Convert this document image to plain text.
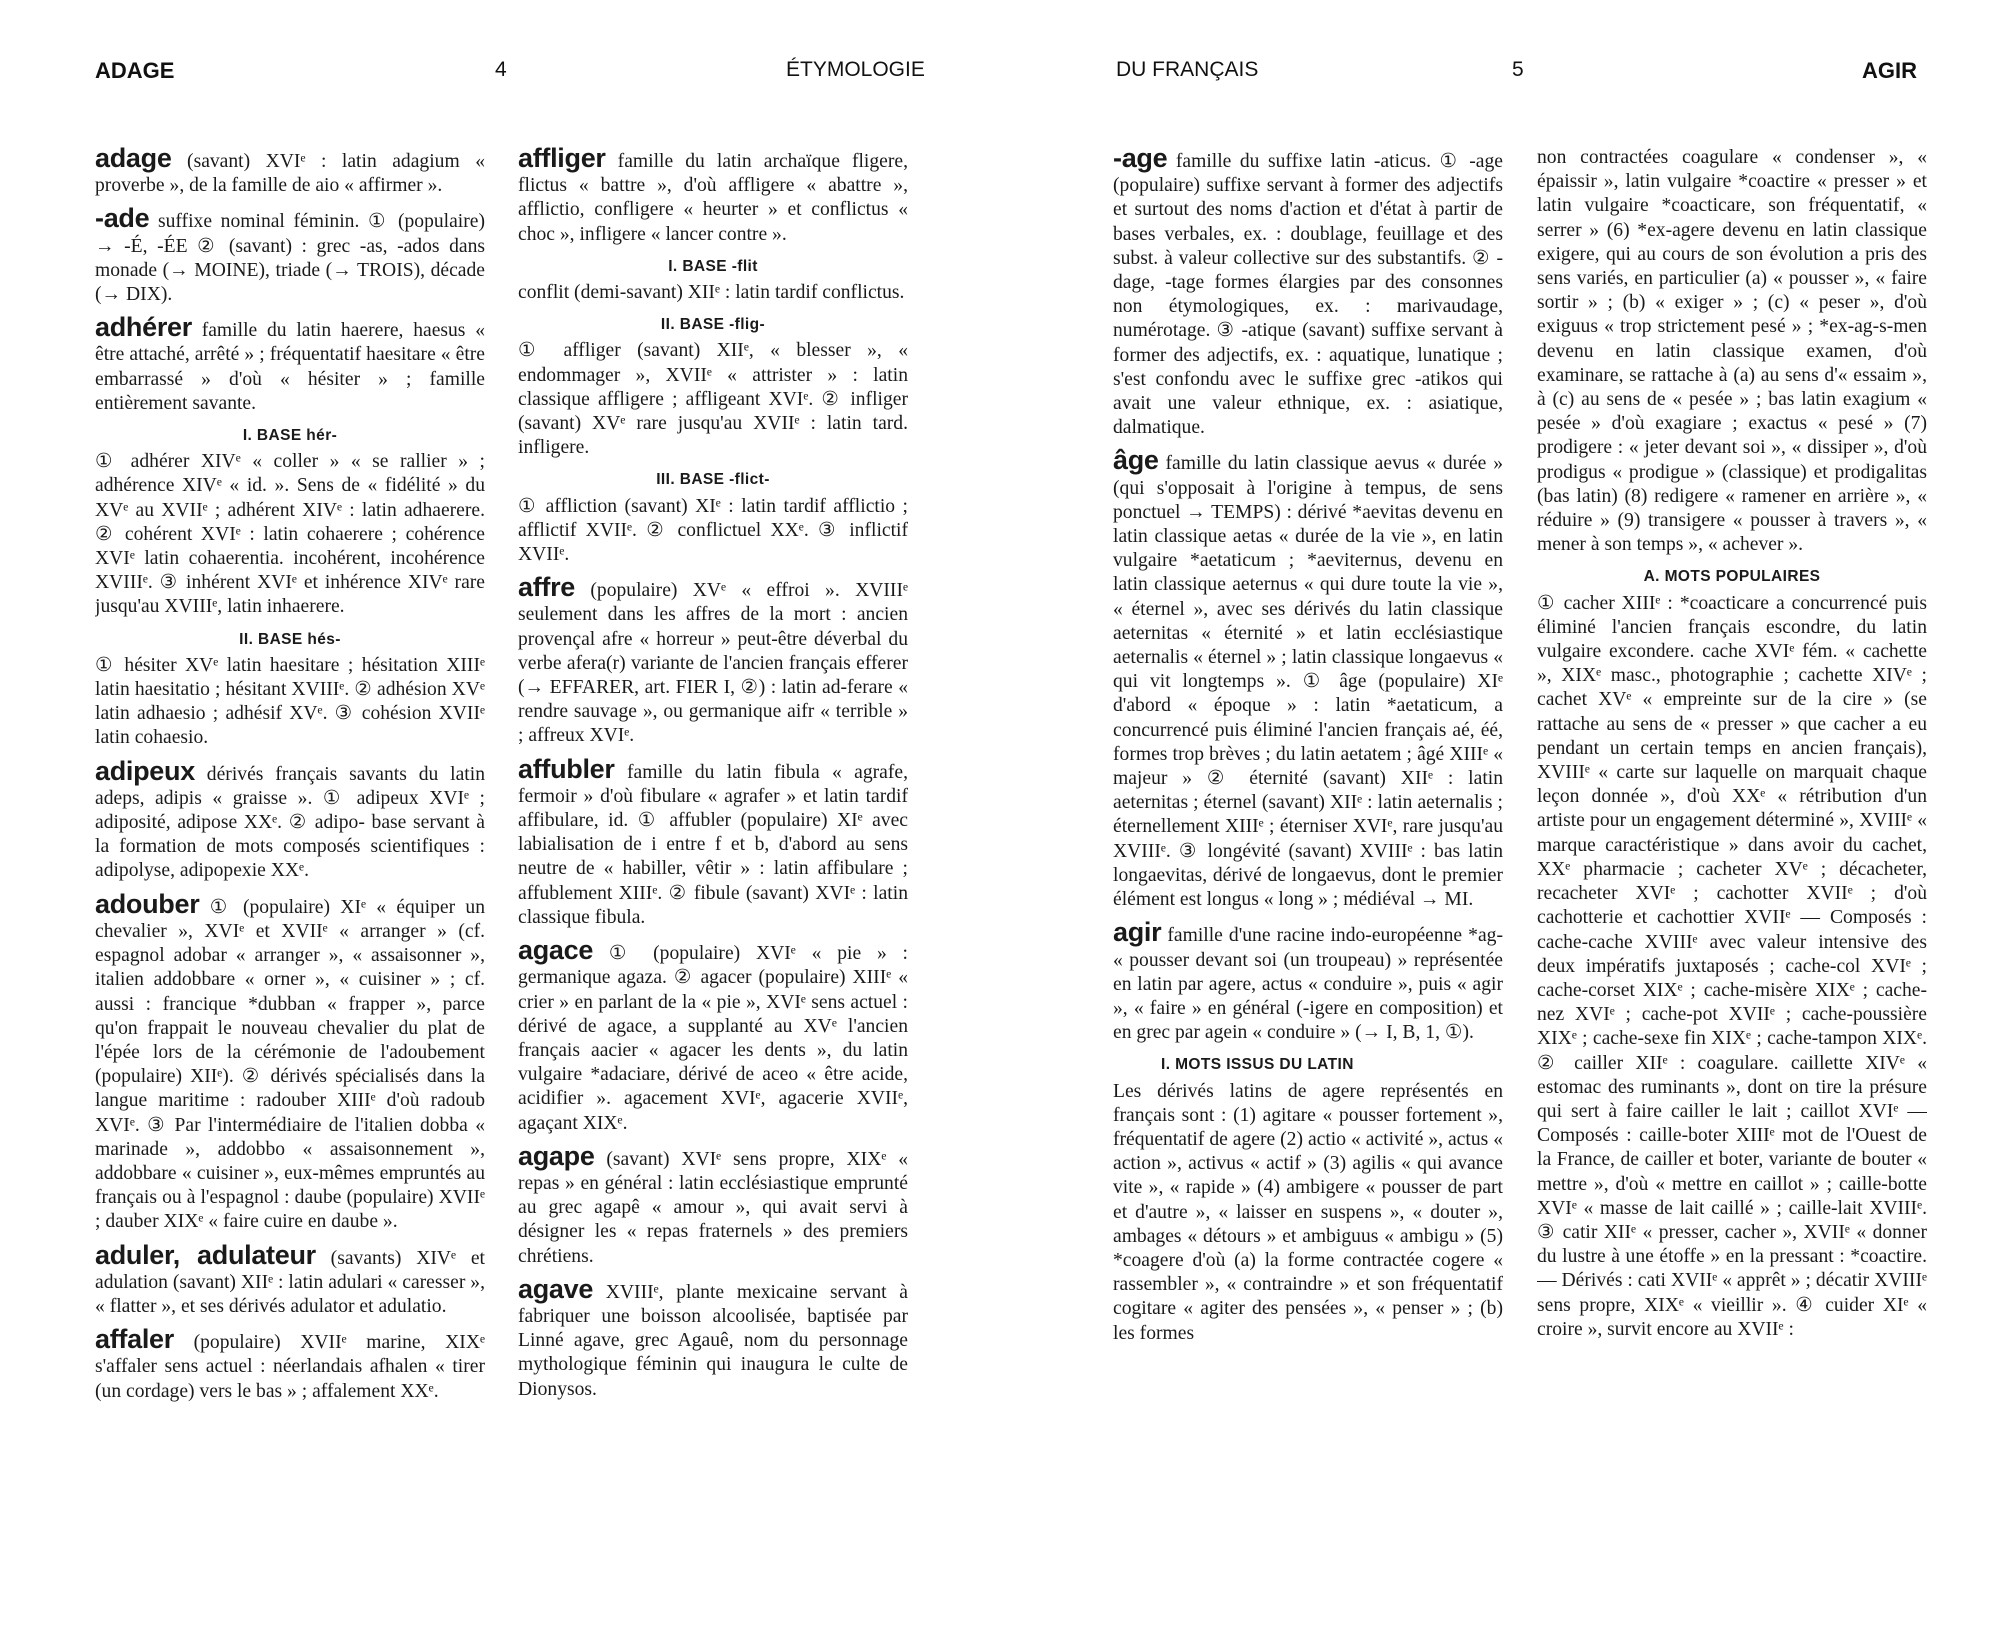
ADAGE	4	ÉTYMOLOGIE	DU FRANÇAIS	5	AGIR

adage (savant) XVIᵉ : latin adagium « proverbe », de la famille de aio « affirmer ».

-ade suffixe nominal féminin. ① (populaire) → -É, -ÉE ② (savant) : grec -as, -ados dans monade (→ MOINE), triade (→ TROIS), décade (→ DIX).

adhérer famille du latin haerere, haesus « être attaché, arrêté » ; fréquentatif haesitare « être embarrassé » d'où « hésiter » ; famille entièrement savante.

I. BASE hér-

① adhérer XIVᵉ « coller » « se rallier » ; adhérence XIVᵉ « id. ». Sens de « fidélité » du XVᵉ au XVIIᵉ ; adhérent XIVᵉ : latin adhaerere. ② cohérent XVIᵉ : latin cohaerere ; cohérence XVIᵉ latin cohaerentia. incohérent, incohérence XVIIIᵉ. ③ inhérent XVIᵉ et inhérence XIVᵉ rare jusqu'au XVIIIᵉ, latin inhaerere.

II. BASE hés-

① hésiter XVᵉ latin haesitare ; hésitation XIIIᵉ latin haesitatio ; hésitant XVIIIᵉ. ② adhésion XVᵉ latin adhaesio ; adhésif XVᵉ. ③ cohésion XVIIᵉ latin cohaesio.

adipeux dérivés français savants du latin adeps, adipis « graisse ». ① adipeux XVIᵉ ; adiposité, adipose XXᵉ. ② adipo- base servant à la formation de mots composés scientifiques : adipolyse, adipopexie XXᵉ.

adouber ① (populaire) XIᵉ « équiper un chevalier », XVIᵉ et XVIIᵉ « arranger » (cf. espagnol adobar « arranger », « assaisonner », italien addobbare « orner », « cuisiner » ; cf. aussi : francique *dubban « frapper », parce qu'on frappait le nouveau chevalier du plat de l'épée lors de la cérémonie de l'adoubement (populaire) XIIᵉ). ② dérivés spécialisés dans la langue maritime : radouber XIIIᵉ d'où radoub XVIᵉ. ③ Par l'intermédiaire de l'italien dobba « marinade », addobbo « assaisonnement », addobbare « cuisiner », eux-mêmes empruntés au français ou à l'espagnol : daube (populaire) XVIIᵉ ; dauber XIXᵉ « faire cuire en daube ».

aduler, adulateur (savants) XIVᵉ et adulation (savant) XIIᵉ : latin adulari « caresser », « flatter », et ses dérivés adulator et adulatio.

affaler (populaire) XVIIᵉ marine, XIXᵉ s'affaler sens actuel : néerlandais afhalen « tirer (un cordage) vers le bas » ; affalement XXᵉ.

affliger famille du latin archaïque fligere, flictus « battre », d'où affligere « abattre », afflictio, confligere « heurter » et conflictus « choc », infligere « lancer contre ».

I. BASE -flit

conflit (demi-savant) XIIᵉ : latin tardif conflictus.

II. BASE -flig-

① affliger (savant) XIIᵉ, « blesser », « endommager », XVIIᵉ « attrister » : latin classique affligere ; affligeant XVIᵉ. ② infliger (savant) XVᵉ rare jusqu'au XVIIᵉ : latin tard. infligere.

III. BASE -flict-

① affliction (savant) XIᵉ : latin tardif afflictio ; afflictif XVIIᵉ. ② conflictuel XXᵉ. ③ inflictif XVIIᵉ.

affre (populaire) XVᵉ « effroi ». XVIIIᵉ seulement dans les affres de la mort : ancien provençal afre « horreur » peut-être déverbal du verbe afera(r) variante de l'ancien français efferer (→ EFFARER, art. FIER I, ②) : latin ad-ferare « rendre sauvage », ou germanique aifr « terrible » ; affreux XVIᵉ.

affubler famille du latin fibula « agrafe, fermoir » d'où fibulare « agrafer » et latin tardif affibulare, id. ① affubler (populaire) XIᵉ avec labialisation de i entre f et b, d'abord au sens neutre de « habiller, vêtir » : latin affibulare ; affublement XIIIᵉ. ② fibule (savant) XVIᵉ : latin classique fibula.

agace ① (populaire) XVIᵉ « pie » : germanique agaza. ② agacer (populaire) XIIIᵉ « crier » en parlant de la « pie », XVIᵉ sens actuel : dérivé de agace, a supplanté au XVᵉ l'ancien français aacier « agacer les dents », du latin vulgaire *adaciare, dérivé de aceo « être acide, acidifier ». agacement XVIᵉ, agacerie XVIIᵉ, agaçant XIXᵉ.

agape (savant) XVIᵉ sens propre, XIXᵉ « repas » en général : latin ecclésiastique emprunté au grec agapê « amour », qui avait servi à désigner les « repas fraternels » des premiers chrétiens.

agave XVIIIᵉ, plante mexicaine servant à fabriquer une boisson alcoolisée, baptisée par Linné agave, grec Agauê, nom du personnage mythologique féminin qui inaugura le culte de Dionysos.

-age famille du suffixe latin -aticus. ① -age (populaire) suffixe servant à former des adjectifs et surtout des noms d'action et d'état à partir de bases verbales, ex. : doublage, feuillage et des subst. à valeur collective sur des substantifs. ② -dage, -tage formes élargies par des consonnes non étymologiques, ex. : marivaudage, numérotage. ③ -atique (savant) suffixe servant à former des adjectifs, ex. : aquatique, lunatique ; s'est confondu avec le suffixe grec -atikos qui avait une valeur ethnique, ex. : asiatique, dalmatique.

âge famille du latin classique aevus « durée » (qui s'opposait à l'origine à tempus, de sens ponctuel → TEMPS) : dérivé *aevitas devenu en latin classique aetas « durée de la vie », en latin vulgaire *aetaticum ; *aeviternus, devenu en latin classique aeternus « qui dure toute la vie », « éternel », avec ses dérivés du latin classique aeternitas « éternité » et latin ecclésiastique aeternalis « éternel » ; latin classique longaevus « qui vit longtemps ». ① âge (populaire) XIᵉ d'abord « époque » : latin *aetaticum, a concurrencé puis éliminé l'ancien français aé, éé, formes trop brèves ; du latin aetatem ; âgé XIIIᵉ « majeur » ② éternité (savant) XIIᵉ : latin aeternitas ; éternel (savant) XIIᵉ : latin aeternalis ; éternellement XIIIᵉ ; éterniser XVIᵉ, rare jusqu'au XVIIIᵉ. ③ longévité (savant) XVIIIᵉ : bas latin longaevitas, dérivé de longaevus, dont le premier élément est longus « long » ; médiéval → MI.

agir famille d'une racine indo-européenne *ag- « pousser devant soi (un troupeau) » représentée en latin par agere, actus « conduire », puis « agir », « faire » en général (-igere en composition) et en grec par agein « conduire » (→ I, B, 1, ①).

I. MOTS ISSUS DU LATIN

Les dérivés latins de agere représentés en français sont : (1) agitare « pousser fortement », fréquentatif de agere (2) actio « activité », actus « action », activus « actif » (3) agilis « qui avance vite », « rapide » (4) ambigere « pousser de part et d'autre », « laisser en suspens », « douter », ambages « détours » et ambiguus « ambigu » (5) *coagere d'où (a) la forme contractée cogere « rassembler », « contraindre » et son fréquentatif cogitare « agiter des pensées », « penser » ; (b) les formes

non contractées coagulare « condenser », « épaissir », latin vulgaire *coactire « presser » et latin vulgaire *coacticare, son fréquentatif, « serrer » (6) *ex-agere devenu en latin classique exigere, qui au cours de son évolution a pris des sens variés, en particulier (a) « pousser », « faire sortir » ; (b) « exiger » ; (c) « peser », d'où exiguus « trop strictement pesé » ; *ex-ag-s-men devenu en latin classique examen, d'où examinare, se rattache à (a) au sens d'« essaim », à (c) au sens de « pesée » ; bas latin exagium « pesée » d'où exagiare ; exactus « pesé » (7) prodigere : « jeter devant soi », « dissiper », d'où prodigus « prodigue » (classique) et prodigalitas (bas latin) (8) redigere « ramener en arrière », « réduire » (9) transigere « pousser à travers », « mener à son temps », « achever ».

A. MOTS POPULAIRES

① cacher XIIIᵉ : *coacticare a concurrencé puis éliminé l'ancien français escondre, du latin vulgaire excondere. cache XVIᵉ fém. « cachette », XIXᵉ masc., photographie ; cachette XIVᵉ ; cachet XVᵉ « empreinte sur de la cire » (se rattache au sens de « presser » que cacher a eu pendant un certain temps en ancien français), XVIIIᵉ « carte sur laquelle on marquait chaque leçon donnée », d'où XXᵉ « rétribution d'un artiste pour un engagement déterminé », XVIIIᵉ « marque caractéristique » dans avoir du cachet, XXᵉ pharmacie ; cacheter XVᵉ ; décacheter, recacheter XVIᵉ ; cachotter XVIIᵉ ; d'où cachotterie et cachottier XVIIᵉ — Composés : cache-cache XVIIIᵉ avec valeur intensive des deux impératifs juxtaposés ; cache-col XVIᵉ ; cache-corset XIXᵉ ; cache-misère XIXᵉ ; cache-nez XVIᵉ ; cache-pot XVIIᵉ ; cache-poussière XIXᵉ ; cache-sexe fin XIXᵉ ; cache-tampon XIXᵉ. ② cailler XIIᵉ : coagulare. caillette XIVᵉ « estomac des ruminants », dont on tire la présure qui sert à faire cailler le lait ; caillot XVIᵉ — Composés : caille-boter XIIIᵉ mot de l'Ouest de la France, de cailler et boter, variante de bouter « mettre », d'où « mettre en caillot » ; caille-botte XVIᵉ « masse de lait caillé » ; caille-lait XVIIIᵉ. ③ catir XIIᵉ « presser, cacher », XVIIᵉ « donner du lustre à une étoffe » en la pressant : *coactire. — Dérivés : cati XVIIᵉ « apprêt » ; décatir XVIIIᵉ sens propre, XIXᵉ « vieillir ». ④ cuider XIᵉ « croire », survit encore au XVIIᵉ :
